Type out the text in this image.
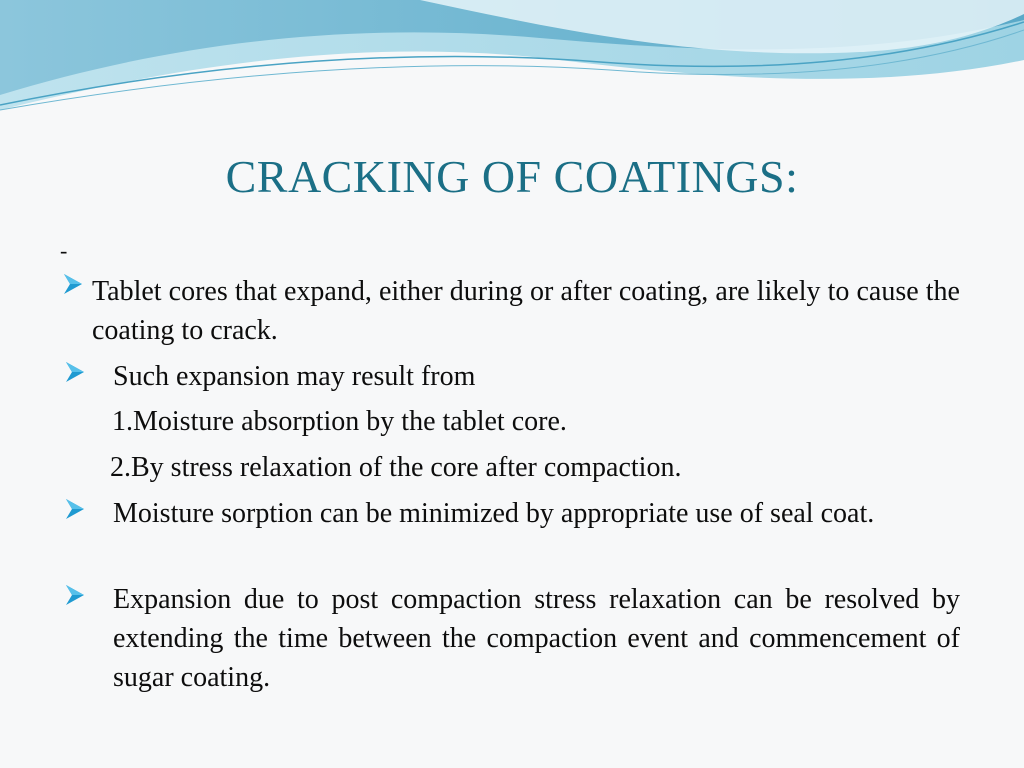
CRACKING OF COATINGS:
-
Tablet cores that expand, either during or after coating, are likely to cause the coating to crack.
Such expansion may result from
1.Moisture absorption by the tablet core.
2.By stress relaxation of the core after compaction.
Moisture sorption can be minimized by appropriate use of seal coat.
Expansion due to post compaction stress relaxation can be resolved by extending the time between the compaction event and commencement of sugar coating.
